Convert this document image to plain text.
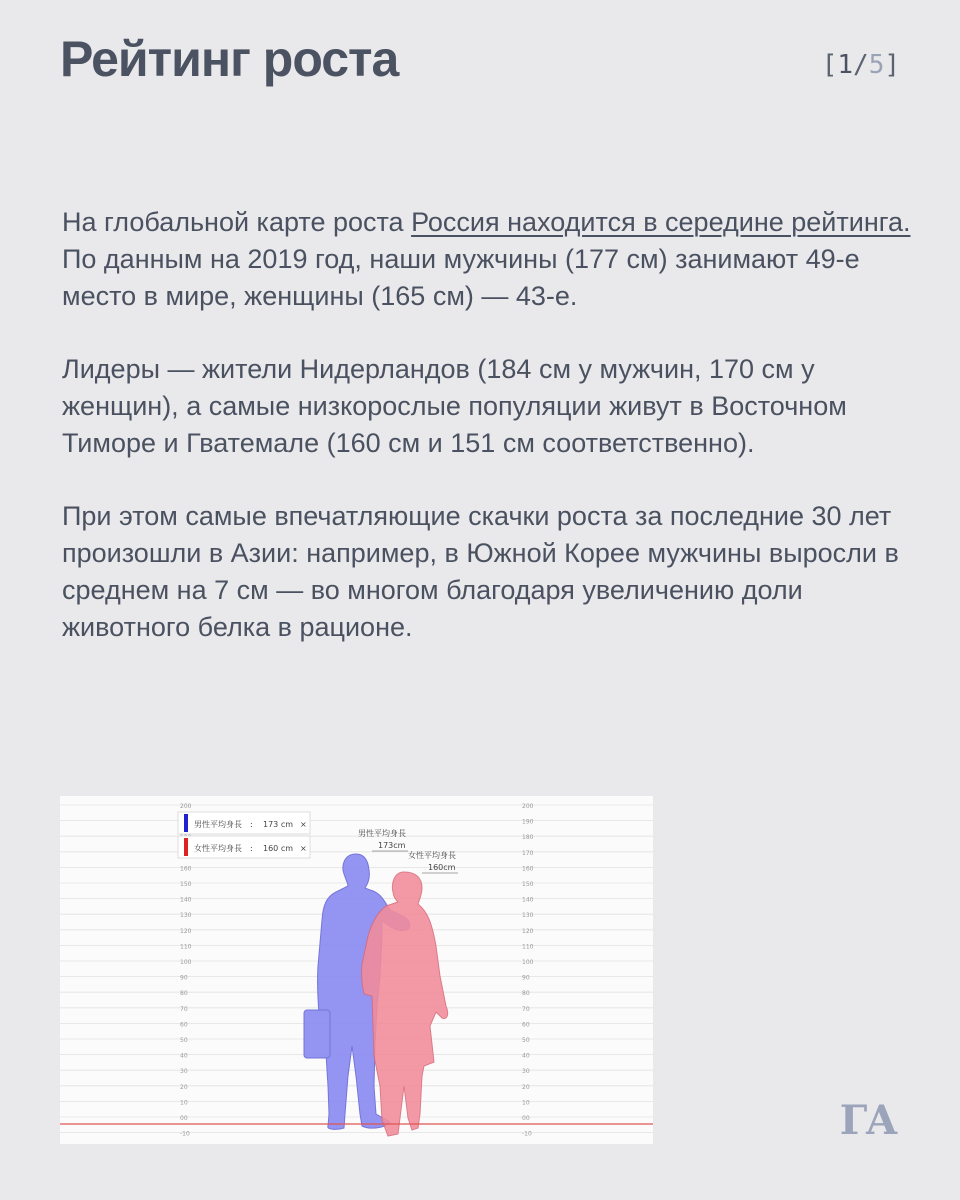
Рейтинг роста	[1/5]

На глобальной карте роста Россия находится в середине рейтинга. По данным на 2019 год, наши мужчины (177 см) занимают 49-е место в мире, женщины (165 см) — 43-е.

Лидеры — жители Нидерландов (184 см у мужчин, 170 см у женщин), а самые низкорослые популяции живут в Восточном Тиморе и Гватемале (160 см и 151 см соответственно).

При этом самые впечатляющие скачки роста за последние 30 лет произошли в Азии: например, в Южной Корее мужчины выросли в среднем на 7 см — во многом благодаря увеличению доли животного белка в рационе.

200
160
150
140
130
120
110
100
90
80
70
60
50
40
30
20
10
00
-10
200
190
180
170
160
150
140
130
120
110
100
90
80
70
60
50
40
30
20
10
00
-10
男性平均身長 : 173 cm ×
女性平均身長 : 160 cm ×
男性平均身長
173cm
女性平均身長
160cm
ГА
